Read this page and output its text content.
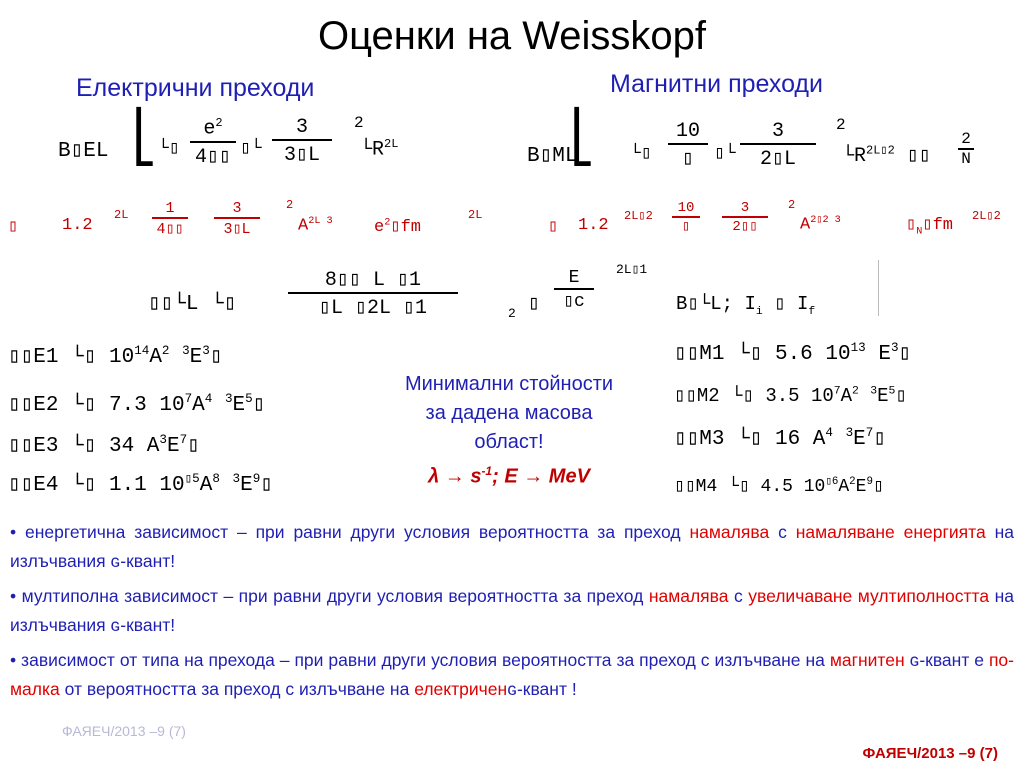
Оценки на Weisskopf
Електрични преходи	Магнитни преходи
B▯EL ⎣ └▯
$e^2$
4▯▯ ▯└
3
3▯L
2
$└R^{2L}$
▯	1.2
2L 1
4▯▯
3
3▯L
2
$A^{2L 3}$ $e^2▯fm$
2L
B▯ML
⎣ └▯
10
▯ ▯└
3
2▯L
2
$└R^{2L▯2}$ ▯▯
2
N
▯ 1.2 2L▯2 10
▯
3
2▯▯
2
$A^{2▯2 3}$	$▯_N▯fm$ 2L▯2
▯▯└L └▯
8▯▯ L ▯1
▯L ▯2L ▯1	2 ▯
E
▯c
2L▯1
B▯└L; $I_i$ ▯ $I_f$
▯▯E1 └▯ $10^{14}A^2$ $^3E^3▯$
▯▯E2 └▯ 7.3 $10^7A^4$ $^3E^5▯$
▯▯E3 └▯ 34 $A^3E^7▯$
▯▯E4 └▯ 1.1 $10^{▯5}A^8$ $^3E^9▯$
▯▯M1 └▯ 5.6 $10^{13}$ $E^3▯$
▯▯M2 └▯ 3.5 $10^7A^2$ $^3E^5▯$
▯▯M3 └▯ 16 $A^4$ $^3E^7▯$
▯▯M4 └▯ 4.5 $10^{▯6}A^2E^9▯$
Минимални стойности
за дадена масова
област!
$\lambda \to s^{-1}$; E → MeV

• енергетична зависимост – при равни други условия вероятността за преход намалява с намаляване енергията на излъчвания ɢ-квант!

• мултиполна зависимост – при равни други условия вероятността за преход намалява с увеличаване мултиполността на излъчвания ɢ-квант!

• зависимост от типа на прехода – при равни други условия вероятността за преход с излъчване на магнитен ɢ-квант е по-малка от вероятността за преход с излъчване на електриченɢ-квант !

ФАЯЕЧ/2013 –9 (7)
ФАЯЕЧ/2013 –9 (7)
